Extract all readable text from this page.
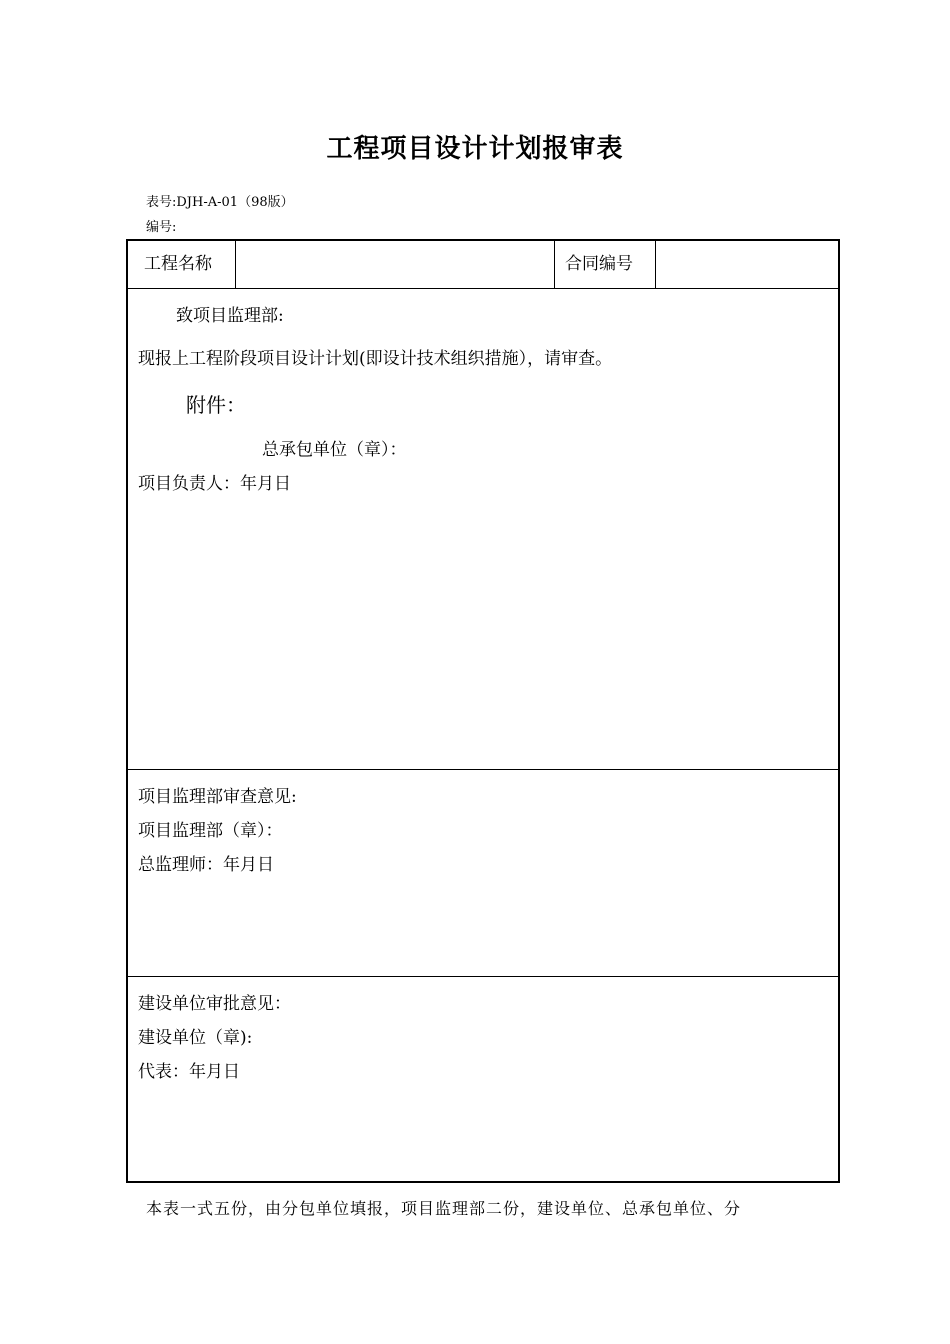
工程项目设计计划报审表
表号:DJH-A-01（98版）
编号:
工程名称	合同编号
致项目监理部:
现报上工程阶段项目设计计划(即设计技术组织措施），请审查。
附件：
总承包单位（章）：
项目负责人：年月日
项目监理部审查意见:
项目监理部（章）：
总监理师：年月日
建设单位审批意见：
建设单位（章):
代表：年月日
本表一式五份，由分包单位填报，项目监理部二份，建设单位、总承包单位、分
